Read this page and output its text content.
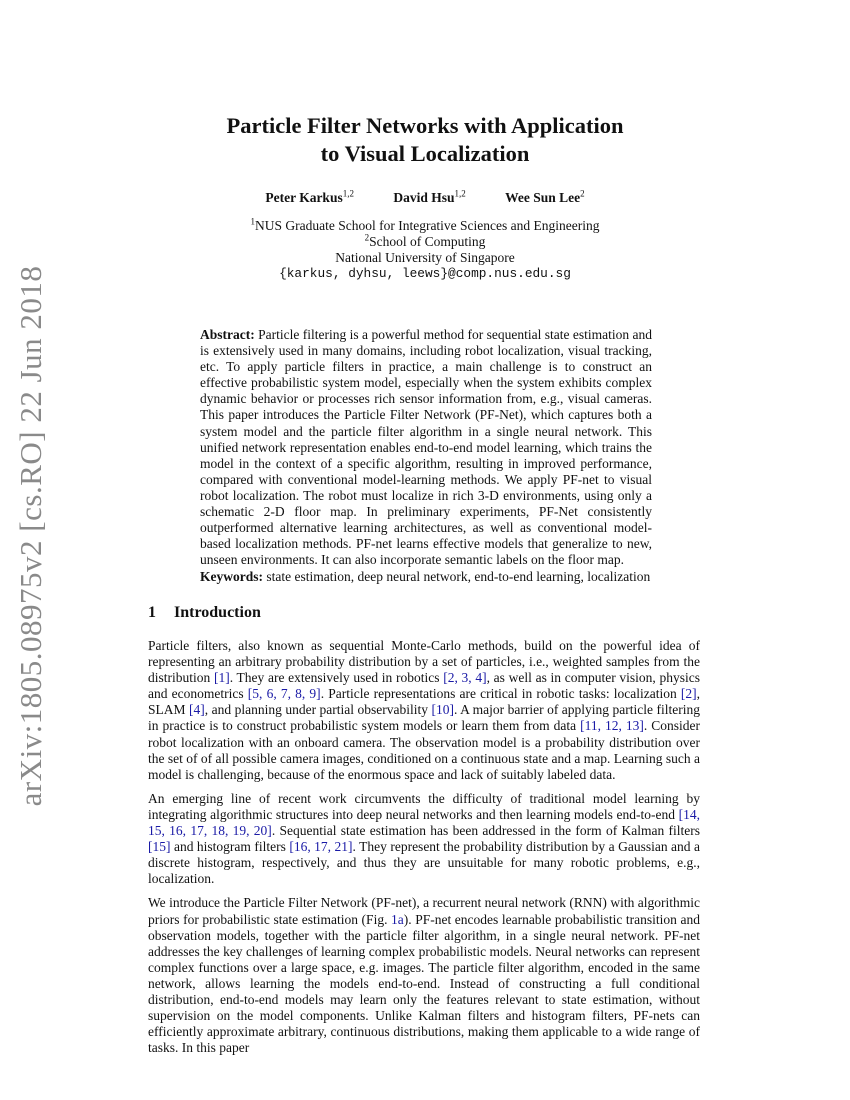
arXiv:1805.08975v2 [cs.RO] 22 Jun 2018
Particle Filter Networks with Application
to Visual Localization
Peter Karkus$^{1,2}$	David Hsu$^{1,2}$	Wee Sun Lee$^2$
$^1$NUS Graduate School for Integrative Sciences and Engineering
$^2$School of Computing
National University of Singapore
{karkus, dyhsu, leews}@comp.nus.edu.sg
Abstract: Particle filtering is a powerful method for sequential state estimation and is extensively used in many domains, including robot localization, visual tracking, etc. To apply particle filters in practice, a main challenge is to construct an effective probabilistic system model, especially when the system exhibits complex dynamic behavior or processes rich sensor information from, e.g., visual cameras. This paper introduces the Particle Filter Network (PF-Net), which captures both a system model and the particle filter algorithm in a single neural network. This unified network representation enables end-to-end model learning, which trains the model in the context of a specific algorithm, resulting in improved performance, compared with conventional model-learning methods. We apply PF-net to visual robot localization. The robot must localize in rich 3-D environments, using only a schematic 2-D floor map. In preliminary experiments, PF-Net consistently outperformed alternative learning architectures, as well as conventional model-based localization methods. PF-net learns effective models that generalize to new, unseen environments. It can also incorporate semantic labels on the floor map.
Keywords: state estimation, deep neural network, end-to-end learning, localization
1 Introduction

Particle filters, also known as sequential Monte-Carlo methods, build on the powerful idea of representing an arbitrary probability distribution by a set of particles, i.e., weighted samples from the distribution [1]. They are extensively used in robotics [2, 3, 4], as well as in computer vision, physics and econometrics [5, 6, 7, 8, 9]. Particle representations are critical in robotic tasks: localization [2], SLAM [4], and planning under partial observability [10]. A major barrier of applying particle filtering in practice is to construct probabilistic system models or learn them from data [11, 12, 13]. Consider robot localization with an onboard camera. The observation model is a probability distribution over the set of of all possible camera images, conditioned on a continuous state and a map. Learning such a model is challenging, because of the enormous space and lack of suitably labeled data.

An emerging line of recent work circumvents the difficulty of traditional model learning by integrating algorithmic structures into deep neural networks and then learning models end-to-end [14, 15, 16, 17, 18, 19, 20]. Sequential state estimation has been addressed in the form of Kalman filters [15] and histogram filters [16, 17, 21]. They represent the probability distribution by a Gaussian and a discrete histogram, respectively, and thus they are unsuitable for many robotic problems, e.g., localization.

We introduce the Particle Filter Network (PF-net), a recurrent neural network (RNN) with algorithmic priors for probabilistic state estimation (Fig. 1a). PF-net encodes learnable probabilistic transition and observation models, together with the particle filter algorithm, in a single neural network. PF-net addresses the key challenges of learning complex probabilistic models. Neural networks can represent complex functions over a large space, e.g. images. The particle filter algorithm, encoded in the same network, allows learning the models end-to-end. Instead of constructing a full conditional distribution, end-to-end models may learn only the features relevant to state estimation, without supervision on the model components. Unlike Kalman filters and histogram filters, PF-nets can efficiently approximate arbitrary, continuous distributions, making them applicable to a wide range of tasks. In this paper
